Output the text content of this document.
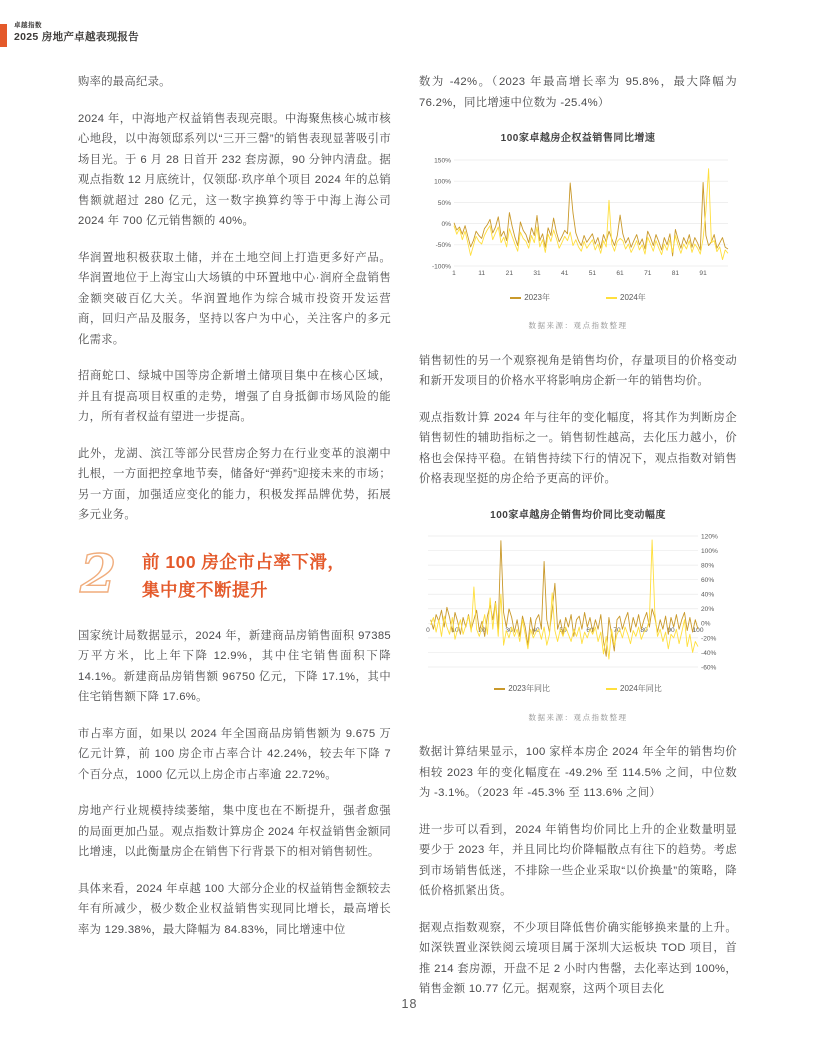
卓越指数
2025 房地产卓越表现报告

购率的最高纪录。

2024 年，中海地产权益销售表现亮眼。中海聚焦核心城市核心地段，以中海领邸系列以“三开三罄”的销售表现显著吸引市场目光。于 6 月 28 日首开 232 套房源，90 分钟内清盘。据观点指数 12 月底统计，仅领邸·玖序单个项目 2024 年的总销售额就超过 280 亿元，这一数字换算约等于中海上海公司 2024 年 700 亿元销售额的 40%。

华润置地积极获取土储，并在土地空间上打造更多好产品。华润置地位于上海宝山大场镇的中环置地中心·润府全盘销售金额突破百亿大关。华润置地作为综合城市投资开发运营商，回归产品及服务，坚持以客户为中心，关注客户的多元化需求。

招商蛇口、绿城中国等房企新增土储项目集中在核心区域，并且有提高项目权重的走势，增强了自身抵御市场风险的能力，所有者权益有望进一步提高。

此外，龙湖、滨江等部分民营房企努力在行业变革的浪潮中扎根，一方面把控拿地节奏，储备好“弹药”迎接未来的市场；另一方面，加强适应变化的能力，积极发挥品牌优势，拓展多元业务。

2	前 100 房企市占率下滑，
集中度不断提升

国家统计局数据显示，2024 年，新建商品房销售面积 97385 万平方米，比上年下降 12.9%，其中住宅销售面积下降 14.1%。新建商品房销售额 96750 亿元，下降 17.1%，其中住宅销售额下降 17.6%。

市占率方面，如果以 2024 年全国商品房销售额为 9.675 万亿元计算，前 100 房企市占率合计 42.24%，较去年下降 7 个百分点，1000 亿元以上房企市占率逾 22.72%。

房地产行业规模持续萎缩，集中度也在不断提升，强者愈强的局面更加凸显。观点指数计算房企 2024 年权益销售金额同比增速，以此衡量房企在销售下行背景下的相对销售韧性。

具体来看，2024 年卓越 100 大部分企业的权益销售金额较去年有所减少，极少数企业权益销售实现同比增长，最高增长率为 129.38%，最大降幅为 84.83%，同比增速中位

数为 -42%。（2023 年最高增长率为 95.8%，最大降幅为 76.2%，同比增速中位数为 -25.4%）

100家卓越房企权益销售同比增速
-100%
-50%
0%
50%
100%
150%
1	11	21	31	41	51	61	71	81	91
2023年	2024年
数据来源：观点指数整理

销售韧性的另一个观察视角是销售均价，存量项目的价格变动和新开发项目的价格水平将影响房企新一年的销售均价。

观点指数计算 2024 年与往年的变化幅度，将其作为判断房企销售韧性的辅助指标之一。销售韧性越高，去化压力越小，价格也会保持平稳。在销售持续下行的情况下，观点指数对销售价格表现坚挺的房企给予更高的评价。

100家卓越房企销售均价同比变动幅度
-60%
-40%
-20%
0%
20%
40%
60%
80%
100%
120%
0	10	20	30	40	50	60	70	80	90	100
2023年同比	2024年同比
数据来源：观点指数整理

数据计算结果显示，100 家样本房企 2024 年全年的销售均价相较 2023 年的变化幅度在 -49.2% 至 114.5% 之间，中位数为 -3.1%。（2023 年 -45.3% 至 113.6% 之间）

进一步可以看到，2024 年销售均价同比上升的企业数量明显要少于 2023 年，并且同比均价降幅散点有往下的趋势。考虑到市场销售低迷，不排除一些企业采取“以价换量”的策略，降低价格抓紧出货。

据观点指数观察，不少项目降低售价确实能够换来量的上升。如深铁置业深铁阅云境项目属于深圳大运板块 TOD 项目，首推 214 套房源，开盘不足 2 小时内售罄，去化率达到 100%，销售金额 10.77 亿元。据观察，这两个项目去化

18
